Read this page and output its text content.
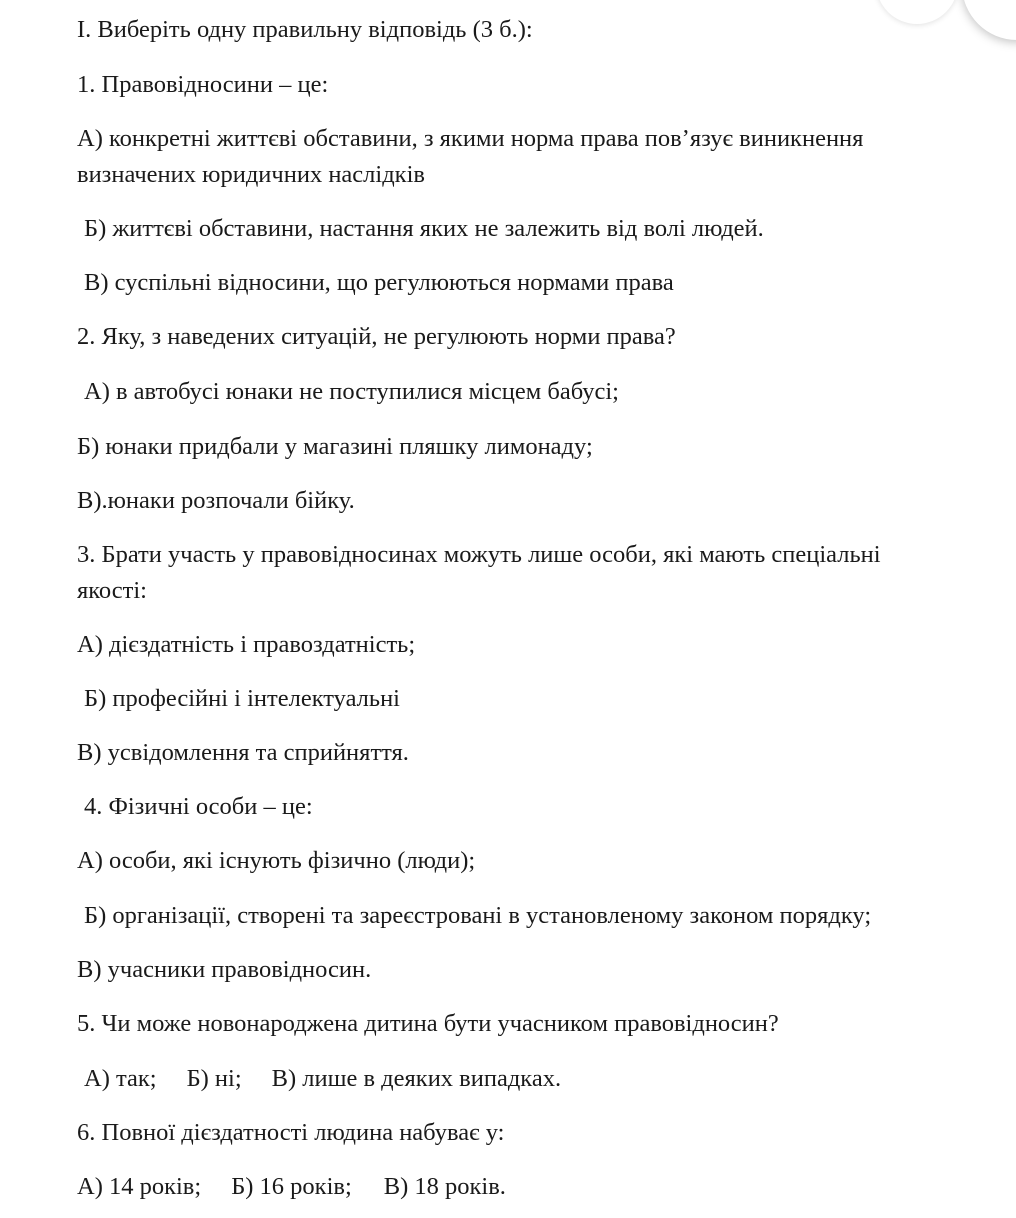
I. Виберіть одну правильну відповідь (3 б.):
1. Правовідносини – це:
А) конкретні життєві обставини, з якими норма права пов’язує виникнення
визначених юридичних наслідків
Б) життєві обставини, настання яких не залежить від волі людей.
В) суспільні відносини, що регулюються нормами права
2. Яку, з наведених ситуацій, не регулюють норми права?
А) в автобусі юнаки не поступилися місцем бабусі;
Б) юнаки придбали у магазині пляшку лимонаду;
В).юнаки розпочали бійку.
3. Брати участь у правовідносинах можуть лише особи, які мають спеціальні
якості:
А) дієздатність і правоздатність;
Б) професійні і інтелектуальні
В) усвідомлення та сприйняття.
4. Фізичні особи – це:
А) особи, які існують фізично (люди);
Б) організації, створені та зареєстровані в установленому законом порядку;
В) учасники правовідносин.
5. Чи може новонароджена дитина бути учасником правовідносин?
А) так; Б) ні; В) лише в деяких випадках.
6. Повної дієздатності людина набуває у:
А) 14 років; Б) 16 років; В) 18 років.
